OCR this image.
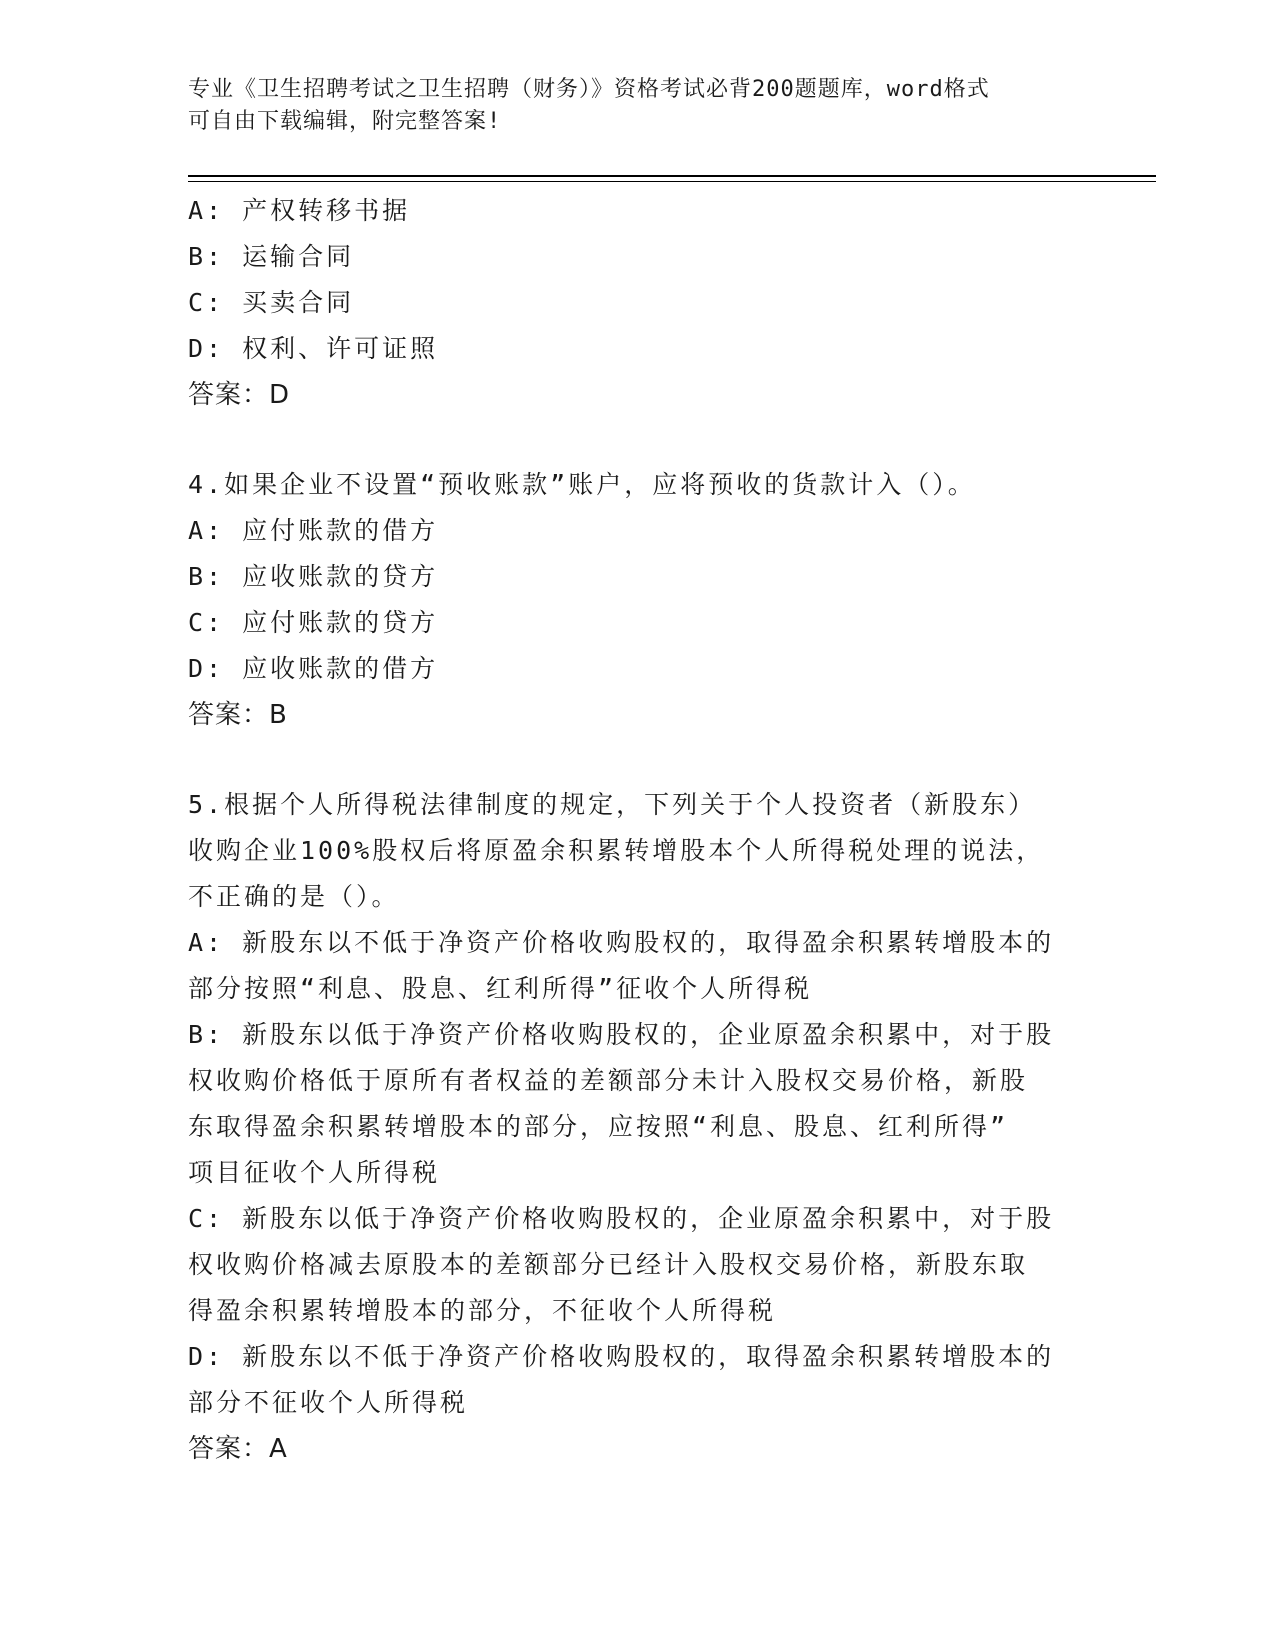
专业《卫生招聘考试之卫生招聘（财务）》资格考试必背200题题库，word格式
可自由下载编辑，附完整答案!

A: 产权转移书据

B: 运输合同

C: 买卖合同

D: 权利、许可证照

答案：D

4.如果企业不设置“预收账款”账户，应将预收的货款计入（）。

A: 应付账款的借方

B: 应收账款的贷方

C: 应付账款的贷方

D: 应收账款的借方

答案：B

5.根据个人所得税法律制度的规定，下列关于个人投资者（新股东）

收购企业100%股权后将原盈余积累转增股本个人所得税处理的说法，

不正确的是（）。

A: 新股东以不低于净资产价格收购股权的，取得盈余积累转增股本的

部分按照“利息、股息、红利所得”征收个人所得税

B: 新股东以低于净资产价格收购股权的，企业原盈余积累中，对于股

权收购价格低于原所有者权益的差额部分未计入股权交易价格，新股

东取得盈余积累转增股本的部分，应按照“利息、股息、红利所得”

项目征收个人所得税

C: 新股东以低于净资产价格收购股权的，企业原盈余积累中，对于股

权收购价格减去原股本的差额部分已经计入股权交易价格，新股东取

得盈余积累转增股本的部分，不征收个人所得税

D: 新股东以不低于净资产价格收购股权的，取得盈余积累转增股本的

部分不征收个人所得税

答案：A
